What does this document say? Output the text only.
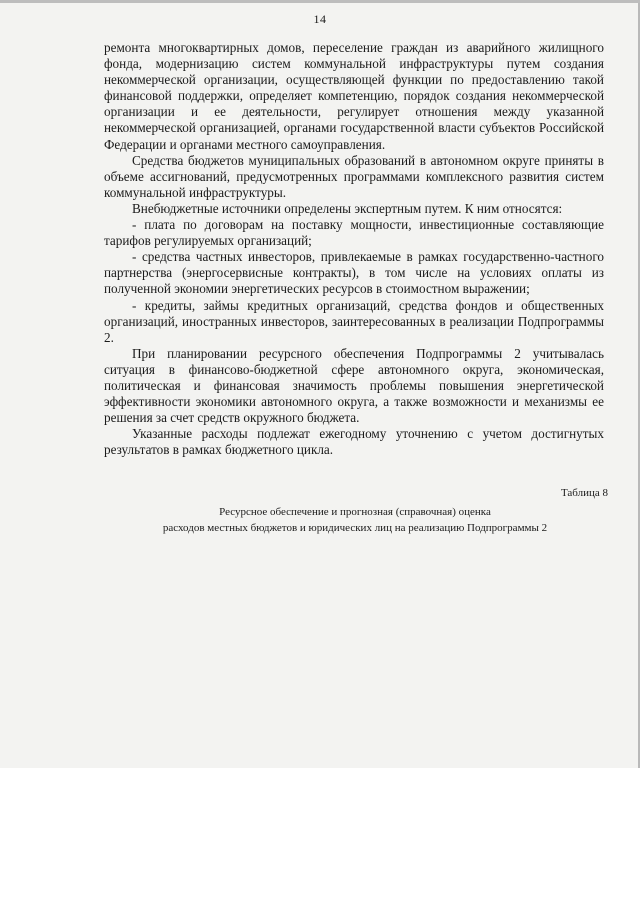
14

ремонта многоквартирных домов, переселение граждан из аварийного жилищного фонда, модернизацию систем коммунальной инфраструктуры путем создания некоммерческой организации, осуществляющей функции по предоставлению такой финансовой поддержки, определяет компетенцию, порядок создания некоммерческой организации и ее деятельности, регулирует отношения между указанной некоммерческой организацией, органами государственной власти субъектов Российской Федерации и органами местного самоуправления.

Средства бюджетов муниципальных образований в автономном округе приняты в объеме ассигнований, предусмотренных программами комплексного развития систем коммунальной инфраструктуры.

Внебюджетные источники определены экспертным путем. К ним относятся:

- плата по договорам на поставку мощности, инвестиционные составляющие тарифов регулируемых организаций;

- средства частных инвесторов, привлекаемые в рамках государственно-частного партнерства (энергосервисные контракты), в том числе на условиях оплаты из полученной экономии энергетических ресурсов в стоимостном выражении;

- кредиты, займы кредитных организаций, средства фондов и общественных организаций, иностранных инвесторов, заинтересованных в реализации Подпрограммы 2.

При планировании ресурсного обеспечения Подпрограммы 2 учитывалась ситуация в финансово-бюджетной сфере автономного округа, экономическая, политическая и финансовая значимость проблемы повышения энергетической эффективности экономики автономного округа, а также возможности и механизмы ее решения за счет средств окружного бюджета.

Указанные расходы подлежат ежегодному уточнению с учетом достигнутых результатов в рамках бюджетного цикла.

Таблица 8
Ресурсное обеспечение и прогнозная (справочная) оценка
расходов местных бюджетов и юридических лиц на реализацию Подпрограммы 2
